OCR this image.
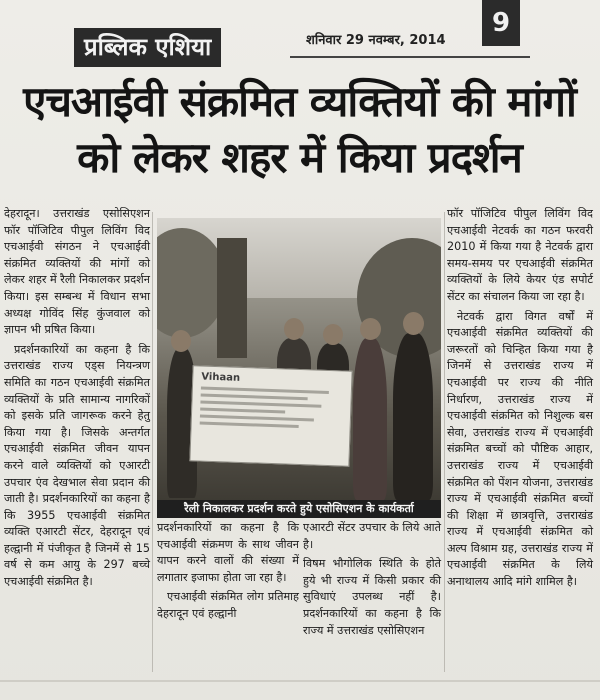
प्रब्लिक एशिया	शनिवार 29 नवम्बर, 2014
9
एचआईवी संक्रमित व्यक्तियों की मांगों
को लेकर शहर में किया प्रदर्शन

देहरादून। उत्तराखंड एसोसिएशन फॉर पॉजिटिव पीपुल लिविंग विद एचआईवी संगठन ने एचआईवी संक्रमित व्यक्तियों की मांगों को लेकर शहर में रैली निकालकर प्रदर्शन किया। इस सम्बन्ध में विधान सभा अध्यक्ष गोविंद सिंह कुंजवाल को ज्ञापन भी प्रषित किया।

प्रदर्शनकारियों का कहना है कि उत्तराखंड राज्य एड्स नियन्त्रण समिति का गठन एचआईवी संक्रमित व्यक्तियों के प्रति सामान्य नागरिकों को इसके प्रति जागरूक करने हेतु किया गया है। जिसके अन्तर्गत एचआईवी संक्रमित जीवन यापन करने वाले व्यक्तियों को एआरटी उपचार एंव देखभाल सेवा प्रदान की जाती है। प्रदर्शनकारियों का कहना है कि 3955 एचआईवी संक्रमित व्यक्ति एआरटी सेंटर, देहरादून एवं हल्द्वानी में पंजीकृत है जिनमें से 15 वर्ष से कम आयु के 297 बच्चे एचआईवी संक्रमित है।

Vihaan
रैली निकालकर प्रदर्शन करते हुये एसोसिएशन के कार्यकर्ता

प्रदर्शनकारियों का कहना है कि एचआईवी संक्रमण के साथ जीवन यापन करने वालों की संख्या में लगातार इजाफा होता जा रहा है।

एचआईवी संक्रमित लोग प्रतिमाह देहरादून एवं हल्द्वानी

एआरटी सेंटर उपचार के लिये आते है।

विषम भौगोलिक स्थिति के होते हुये भी राज्य में किसी प्रकार की सुविधाएं उपलब्ध नहीं है। प्रदर्शनकारियों का कहना है कि राज्य में उत्तराखंड एसोसिएशन

फॉर पॉजिटिव पीपुल लिविंग विद एचआईवी नेटवर्क का गठन फरवरी 2010 में किया गया है नेटवर्क द्वारा समय-समय पर एचआईवी संक्रमित व्यक्तियों के लिये केयर एंड सपोर्ट सेंटर का संचालन किया जा रहा है।

नेटवर्क द्वारा विगत वर्षों में एचआईवी संक्रमित व्यक्तियों की जरूरतों को चिन्हित किया गया है जिनमें से उत्तराखंड राज्य में एचआईवी पर राज्य की नीति निर्धारण, उत्तराखंड राज्य में एचआईवी संक्रमित को निशुल्क बस सेवा, उत्तराखंड राज्य में एचआईवी संक्रमित बच्चों को पौष्टिक आहार, उत्तराखंड राज्य में एचआईवी संक्रमित को पेंशन योजना, उत्तराखंड राज्य में एचआईवी संक्रमित बच्चों की शिक्षा में छात्रवृत्ति, उत्तराखंड राज्य में एचआईवी संक्रमित को अल्प विश्राम ग्रह, उत्तराखंड राज्य में एचआईवी संक्रमित के लिये अनाथालय आदि मांगे शामिल है।
